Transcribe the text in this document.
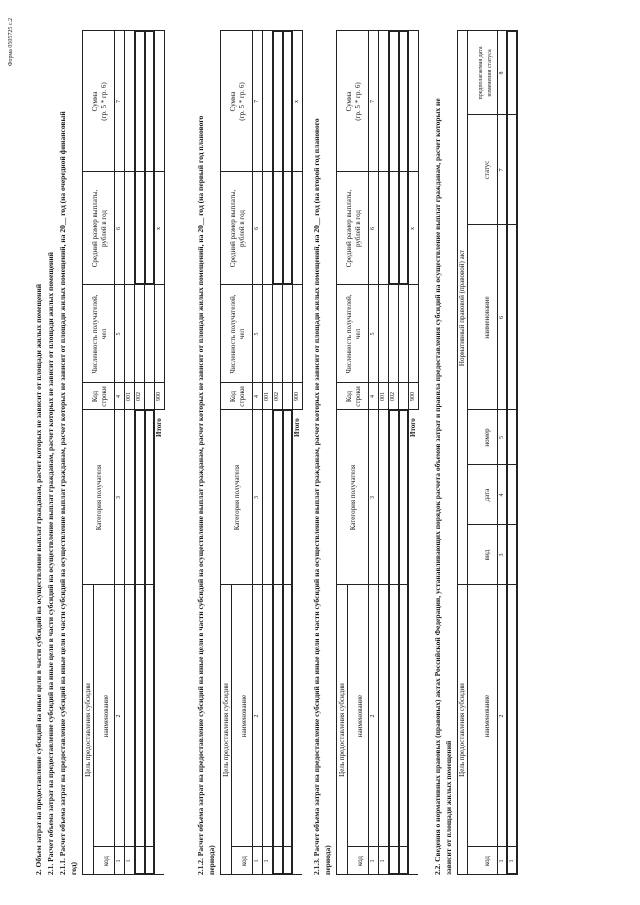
Форма 0505725 с.2
2. Объем затрат на предоставление субсидий на иные цели в части субсидий на осуществление выплат гражданам, расчет которых не зависит от площади жилых помещений 2.1. Расчет объема затрат на предоставление субсидий на иные цели в части субсидий на осуществление выплат гражданам, расчет которых не зависит от площади жилых помещений 2.1.1. Расчет объема затрат на предоставление субсидий на иные цели в части субсидий на осуществление выплат гражданам, расчет которых не зависит от площади жилых помещений, на 20__ год (на очередной финансовый год)
Цель предоставления субсидии
код
наименование
Категория получателя
Код строки
Численность получателей, чел
Средний размер выплаты, рублей в год
Сумма (гр. 5 * гр. 6)
1
2
3
4
5
6
7
1
001 002
Итого
900
x	2.1.2. Расчет объема затрат на предоставление субсидий на иные цели в части субсидий на осуществление выплат гражданам, расчет которых не зависит от площади жилых помещений, на 20__ год (на первый год планового периода)
Цель предоставления субсидии
код
наименование
Категория получателя
Код строки
Численность получателей, чел
Средний размер выплаты, рублей в год
Сумма (гр. 5 * гр. 6)
1
2
3
4
5
6
7
1
001 002
Итого
900
x
2.1.3. Расчет объема затрат на предоставление субсидий на иные цели в части субсидий на осуществление выплат гражданам, расчет которых не зависит от площади жилых помещений, на 20__ год (на второй год планового периода)
Цель предоставления субсидии
код
наименование
Категория получателя
Код строки
Численность получателей, чел
Средний размер выплаты, рублей в год
Сумма (гр. 5 * гр. 6)
1
2
3
4
5
6
7
1
001 002
Итого
900
x 2.2. Сведения о нормативных правовых (правовых) актах Российской Федерации, устанавливающих порядок расчета объемов затрат и правила предоставления субсидий на осуществление выплат гражданам, расчет которых не зависит от площади жилых помещений
Цель предоставления субсидии
Нормативный правовой (правовой) акт
код
наименование
вид
дата
номер
наименование
статус
предполагаемая дата изменения статуса
1
2
3
4
5
6
7
8
1
